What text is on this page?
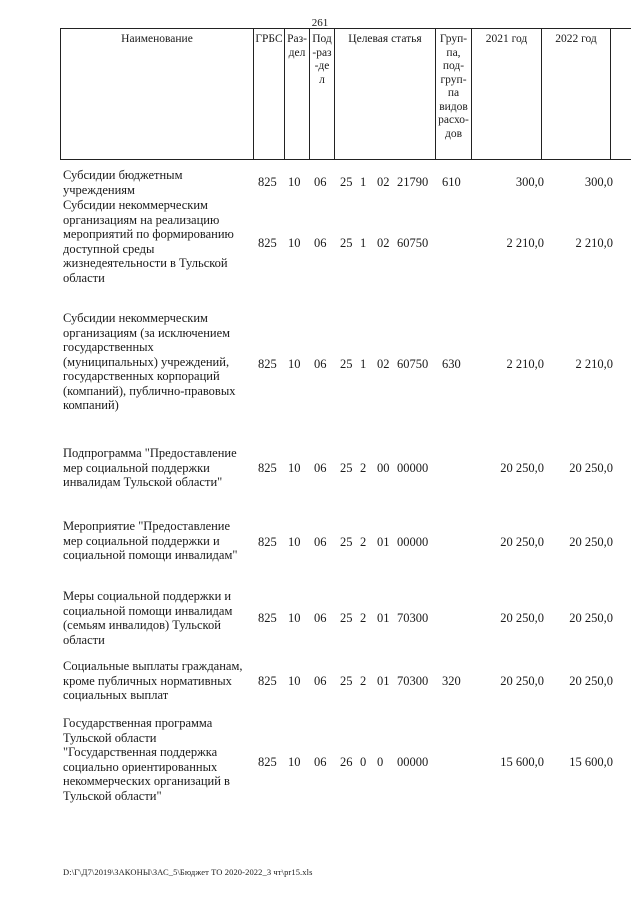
261
Наименование	ГРБС Раз-дел
Под-раз-дел
Целевая статья	Груп-па, под-груп-па видов расхо-дов
2021 год	2022 год
Субсидии бюджетным учреждениям
825 10 06 25 1 02 21790 610	300,0	300,0
Субсидии некоммерческим организациям на реализацию мероприятий по формированию доступной среды жизнедеятельности в Тульской области
825 10 06 25 1 02 60750	2 210,0	2 210,0
Субсидии некоммерческим организациям (за исключением государственных (муниципальных) учреждений, государственных корпораций (компаний), публично-правовых компаний)
825 10 06 25 1 02 60750 630	2 210,0	2 210,0
Подпрограмма "Предоставление мер социальной поддержки инвалидам Тульской области"
825 10 06 25 2 00 00000	20 250,0	20 250,0
Мероприятие "Предоставление мер социальной поддержки и социальной помощи инвалидам"
825 10 06 25 2 01 00000	20 250,0	20 250,0
Меры социальной поддержки и социальной помощи инвалидам (семьям инвалидов) Тульской области
825 10 06 25 2 01 70300	20 250,0	20 250,0
Социальные выплаты гражданам, кроме публичных нормативных социальных выплат
825 10 06 25 2 01 70300 320	20 250,0	20 250,0
Государственная программа Тульской области "Государственная поддержка социально ориентированных некоммерческих организаций в Тульской области"
825 10 06 26 0 0 00000	15 600,0	15 600,0
D:\Г\Д7\2019\ЗАКОНЫ\ЗАС_5\Бюджет ТО 2020-2022_3 чт\pr15.xls
